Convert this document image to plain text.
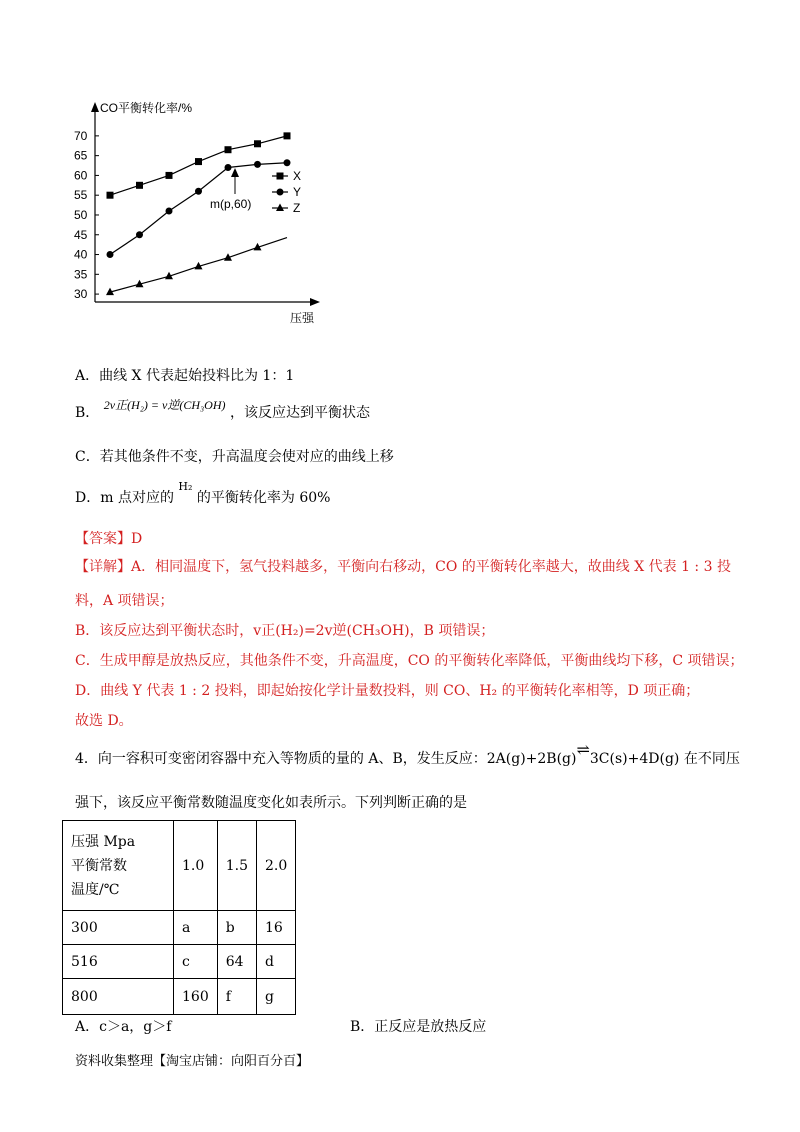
CO平衡转化率/%
压强
30
35
40
45
50
55
60
65
70
m(p,60)
X
Y
Z
A．曲线 X 代表起始投料比为 1：1
B． 2v正(H₂) = v逆(CH₃OH) ，该反应达到平衡状态
C．若其他条件不变，升高温度会使对应的曲线上移
D．m 点对应的 $^{H_2}$ 的平衡转化率为 60%
【答案】D
【详解】A．相同温度下，氢气投料越多，平衡向右移动，CO 的平衡转化率越大，故曲线 X 代表 1 : 3 投
料，A 项错误；
B．该反应达到平衡状态时，v正(H₂)=2v逆(CH₃OH)，B 项错误；
C．生成甲醇是放热反应，其他条件不变，升高温度，CO 的平衡转化率降低，平衡曲线均下移，C 项错误；
D．曲线 Y 代表 1 : 2 投料，即起始按化学计量数投料，则 CO、H₂ 的平衡转化率相等，D 项正确；
故选 D。
4．向一容积可变密闭容器中充入等物质的量的 A、B，发生反应：2A(g)+2B(g)⇌3C(s)+4D(g) 在不同压
强下，该反应平衡常数随温度变化如表所示。下列判断正确的是
压强 Mpa
平衡常数
温度/℃	1.0	1.5	2.0
300	a	b	16
516	c	64	d
800	160	f	g
A．c＞a，g＞f	B．正反应是放热反应
资料收集整理【淘宝店铺：向阳百分百】
